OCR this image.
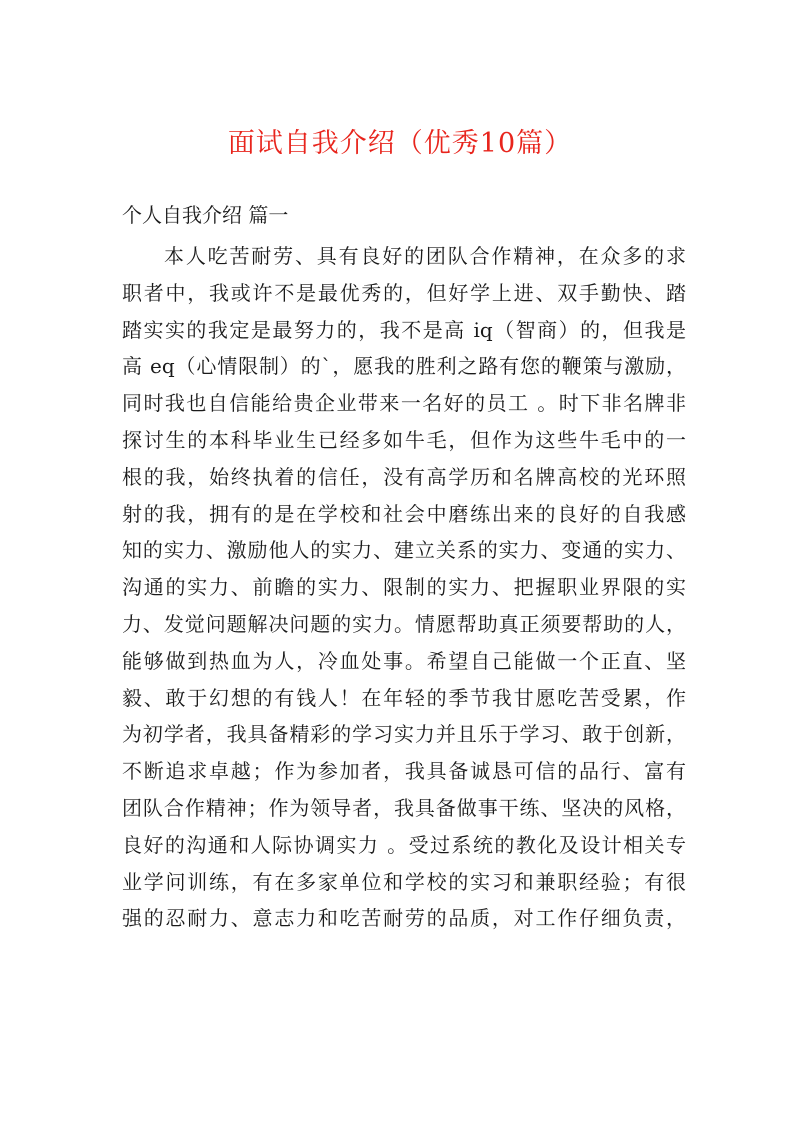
面试自我介绍（优秀10篇）
个人自我介绍 篇一
本人吃苦耐劳、具有良好的团队合作精神，在众多的求
职者中，我或许不是最优秀的，但好学上进、双手勤快、踏
踏实实的我定是最努力的，我不是高 iq（智商）的，但我是
高 eq（心情限制）的`，愿我的胜利之路有您的鞭策与激励，
同时我也自信能给贵企业带来一名好的员工 。时下非名牌非
探讨生的本科毕业生已经多如牛毛，但作为这些牛毛中的一
根的我，始终执着的信任，没有高学历和名牌高校的光环照
射的我，拥有的是在学校和社会中磨练出来的良好的自我感
知的实力、激励他人的实力、建立关系的实力、变通的实力、
沟通的实力、前瞻的实力、限制的实力、把握职业界限的实
力、发觉问题解决问题的实力。情愿帮助真正须要帮助的人，
能够做到热血为人，冷血处事。希望自己能做一个正直、坚
毅、敢于幻想的有钱人！在年轻的季节我甘愿吃苦受累，作
为初学者，我具备精彩的学习实力并且乐于学习、敢于创新，
不断追求卓越；作为参加者，我具备诚恳可信的品行、富有
团队合作精神；作为领导者，我具备做事干练、坚决的风格，
良好的沟通和人际协调实力 。受过系统的教化及设计相关专
业学问训练，有在多家单位和学校的实习和兼职经验；有很
强的忍耐力、意志力和吃苦耐劳的品质，对工作仔细负责，
